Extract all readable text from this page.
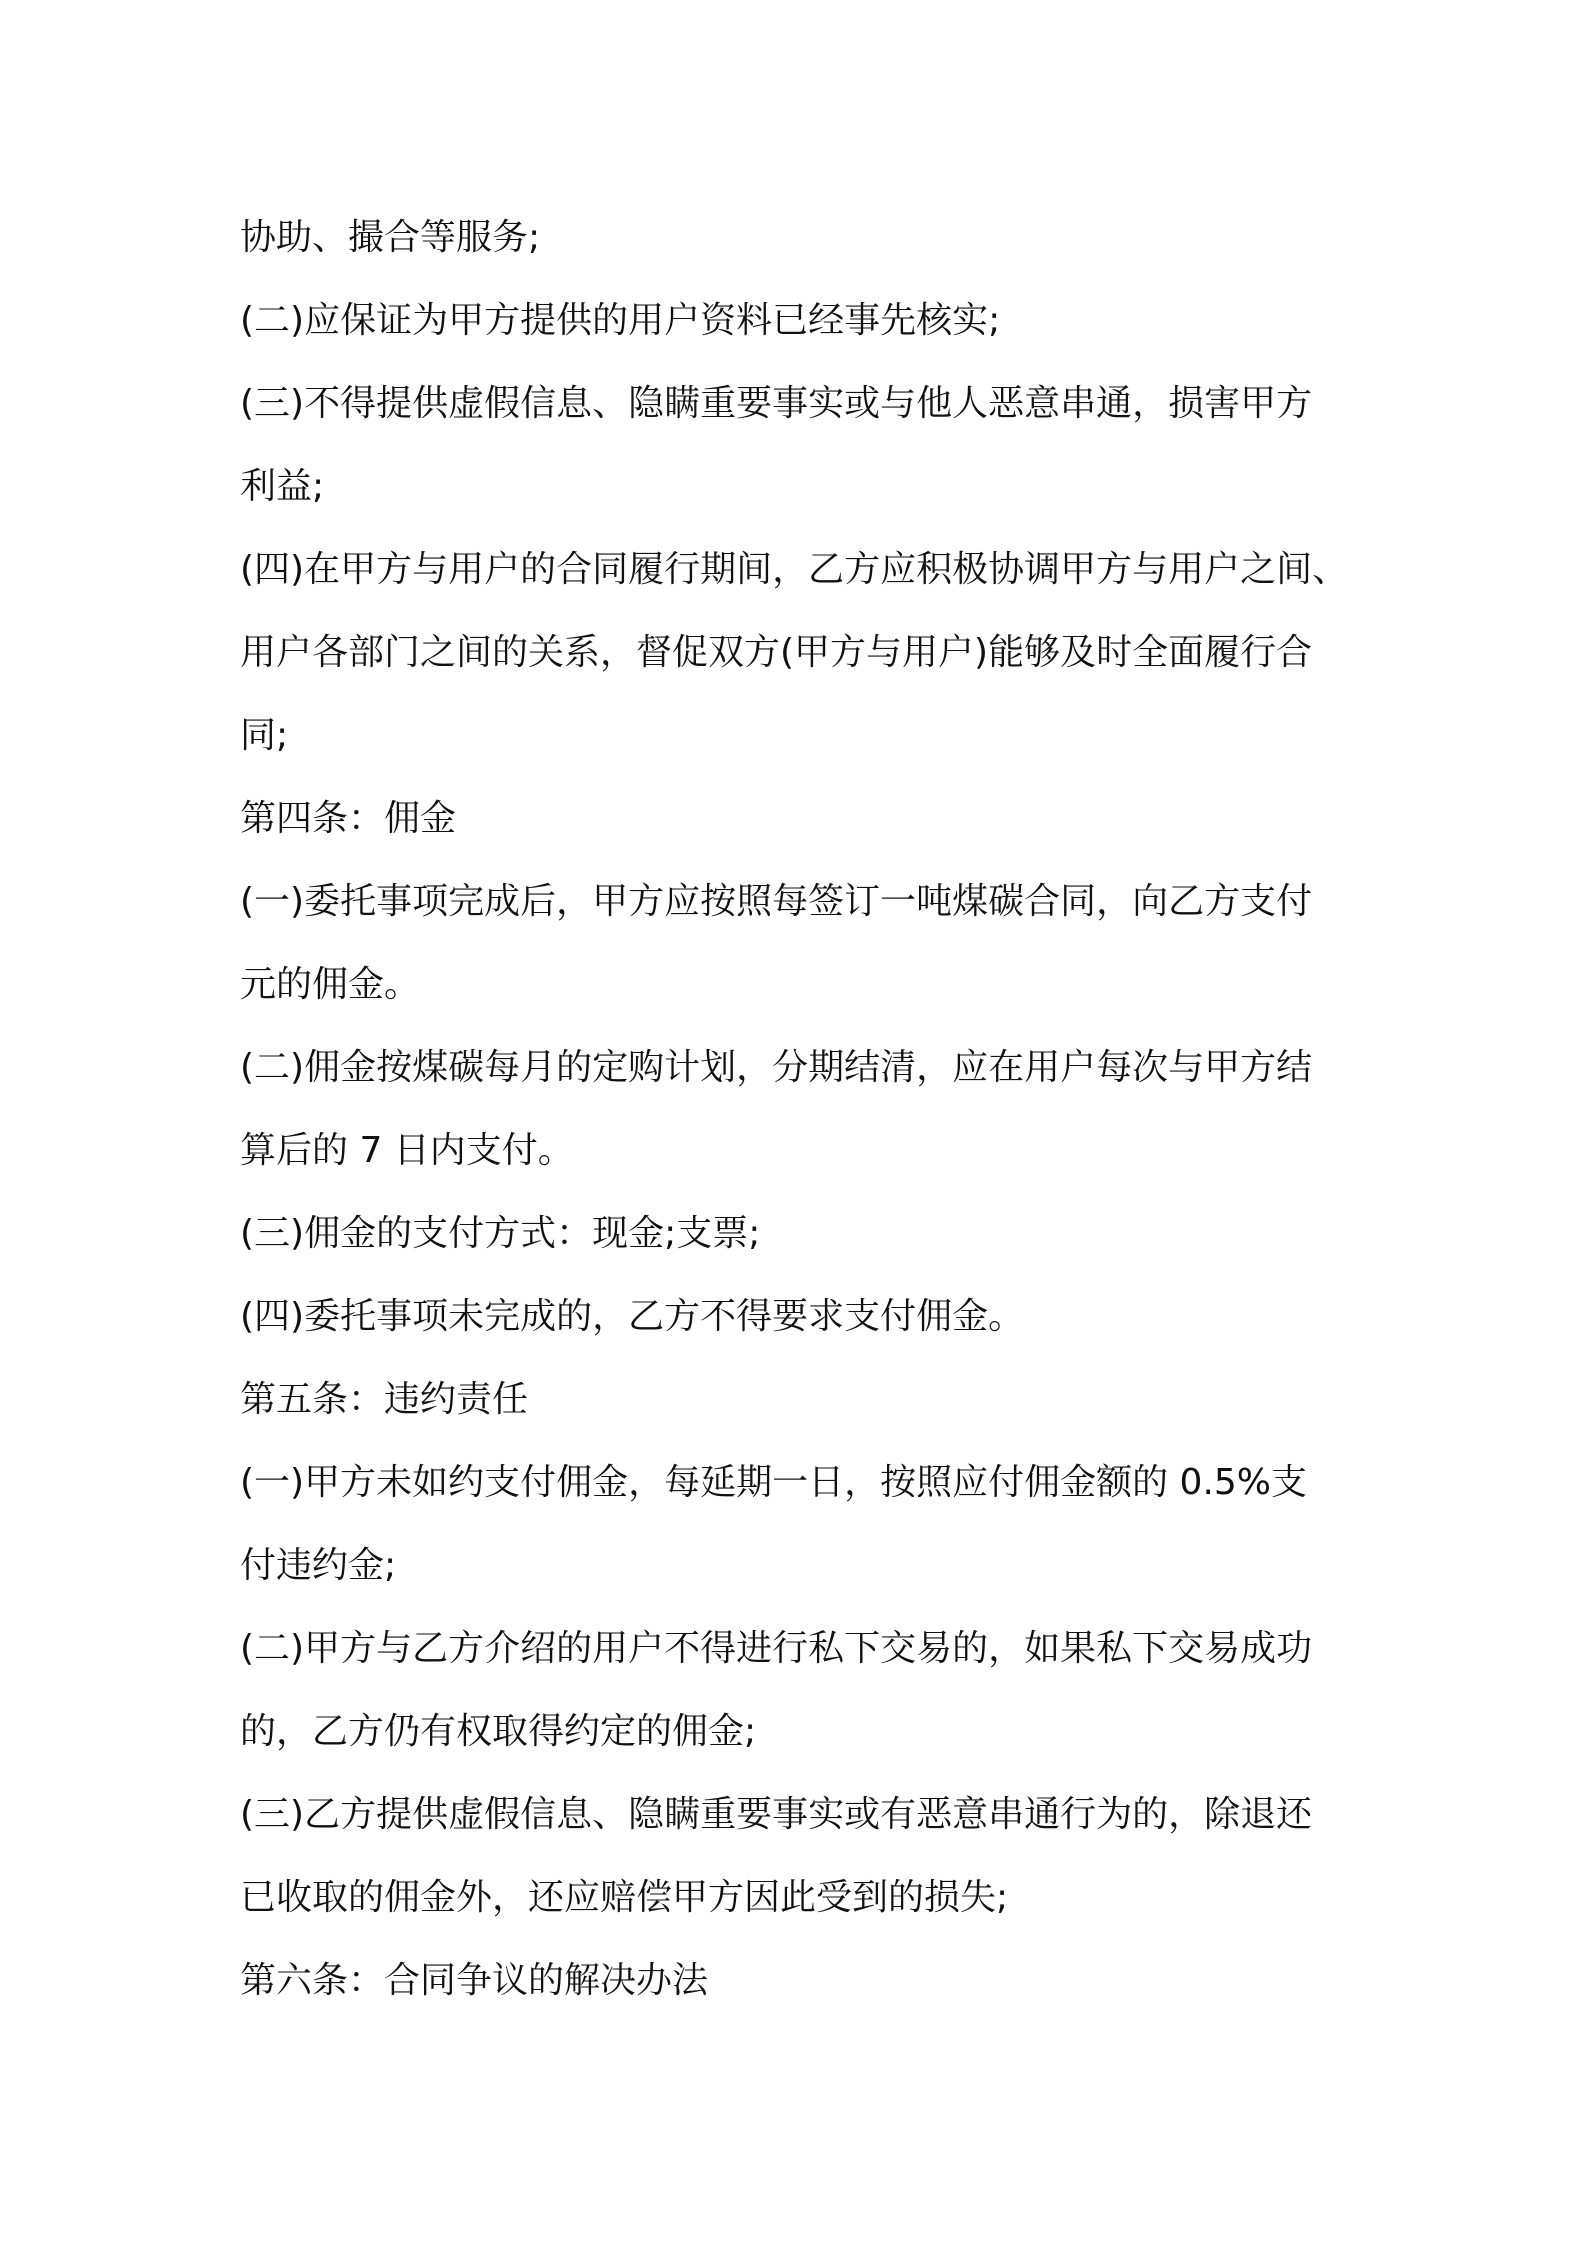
协助、撮合等服务;
(二)应保证为甲方提供的用户资料已经事先核实;
(三)不得提供虚假信息、隐瞒重要事实或与他人恶意串通，损害甲方
利益;
(四)在甲方与用户的合同履行期间，乙方应积极协调甲方与用户之间、
用户各部门之间的关系，督促双方(甲方与用户)能够及时全面履行合
同;
第四条：佣金
(一)委托事项完成后，甲方应按照每签订一吨煤碳合同，向乙方支付
元的佣金。
(二)佣金按煤碳每月的定购计划，分期结清，应在用户每次与甲方结
算后的 7 日内支付。
(三)佣金的支付方式：现金;支票;
(四)委托事项未完成的，乙方不得要求支付佣金。
第五条：违约责任
(一)甲方未如约支付佣金，每延期一日，按照应付佣金额的 0.5%支
付违约金;
(二)甲方与乙方介绍的用户不得进行私下交易的，如果私下交易成功
的，乙方仍有权取得约定的佣金;
(三)乙方提供虚假信息、隐瞒重要事实或有恶意串通行为的，除退还
已收取的佣金外，还应赔偿甲方因此受到的损失;
第六条：合同争议的解决办法
